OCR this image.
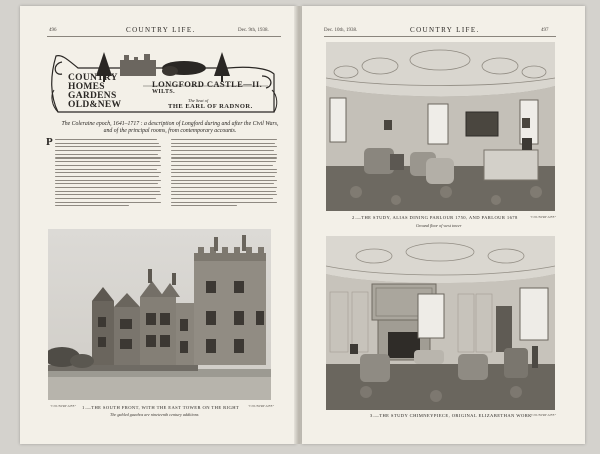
496	COUNTRY LIFE.	Dec. 9th, 1938.
COUNTRY
HOMES
GARDENS
OLD&NEW
LONGFORD CASTLE—II.
WILTS.
The Seat of
THE EARL OF RADNOR.
The Coleraine epoch, 1641–1717 : a description of Longford during and after the Civil Wars, and of the principal rooms, from contemporary accounts.
P
"COUNTRY LIFE" 1.—THE SOUTH FRONT, WITH THE EAST TOWER ON THE RIGHT	"COUNTRY LIFE"
The gabled gazebos are nineteenth century additions
Dec. 10th, 1938.	COUNTRY LIFE.	497
2.—THE STUDY, ALIAS DINING PARLOUR 1750, AND PARLOUR 1678	"COUNTRY LIFE"
Ground floor of west tower
3.—THE STUDY CHIMNEYPIECE, ORIGINAL ELIZABETHAN WORK
"COUNTRY LIFE"
